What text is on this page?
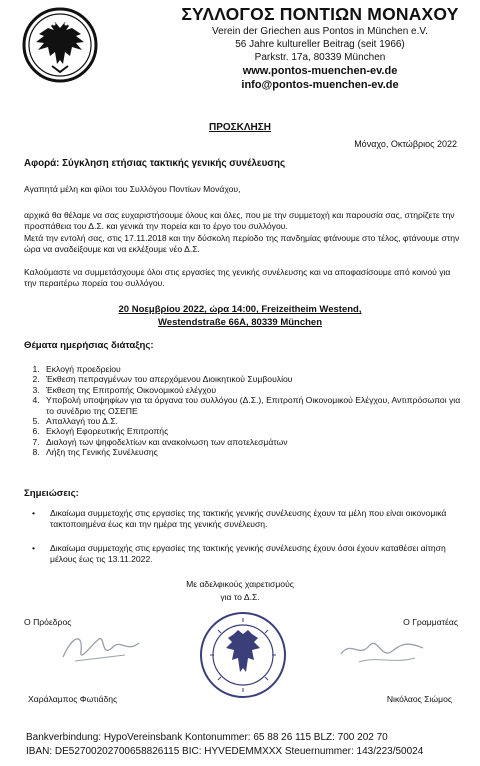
ΣΥΛΛΟΓΟΣ ΠΟΝΤΙΩΝ ΜΟΝΑΧΟΥ
Verein der Griechen aus Pontos in München e.V.
56 Jahre kultureller Beitrag (seit 1966)
Parkstr. 17a, 80339 München
www.pontos-muenchen-ev.de
info@pontos-muenchen-ev.de
ΠΡΟΣΚΛΗΣΗ
Μόναχο, Οκτώβριος 2022
Αφορά: Σύγκληση ετήσιας τακτικής γενικής συνέλευσης
Αγαπητά μέλη και φίλοι του Συλλόγου Ποντίων Μονάχου,
αρχικά θα θέλαμε να σας ευχαριστήσουμε όλους και όλες, που με την συμμετοχή και παρουσία σας, στηρίζετε την προσπάθεια του Δ.Σ. και γενικά την πορεία και το έργο του συλλόγου.
Μετά την εντολή σας, στις 17.11.2018 και την δύσκολη περίοδο της πανδημίας φτάνουμε στο τέλος, φτάνουμε στην ώρα να αναδείξουμε και να εκλέξουμε νέο Δ.Σ.
Καλούμαστε να συμμετάσχουμε όλοι στις εργασίες της γενικής συνέλευσης και να αποφασίσουμε από κοινού για την περαιτέρω πορεία του συλλόγου.
20 Νοεμβρίου 2022, ώρα 14:00, Freizeitheim Westend,
Westendstraße 66A, 80339 München
Θέματα ημερήσιας διάταξης:
1. Εκλογή προεδρείου
2. Έκθεση πεπραγμένων του απερχόμενου Διοικητικού Συμβουλίου
3. Έκθεση της Επιτροπής Οικονομικού ελέγχου
4. Υποβολή υποψηφίων για τα όργανα του συλλόγου (Δ.Σ.), Επιτροπή Οικονομικού Ελέγχου, Αντιπρόσωποι για το συνέδριο της ΟΣΕΠΕ
5. Απαλλαγή του Δ.Σ.
6. Εκλογή Εφορευτικής Επιτροπής
7. Διαλογή των ψηφοδελτίων και ανακοίνωση των αποτελεσμάτων
8. Λήξη της Γενικής Συνέλευσης
Σημειώσεις:
• Δικαίωμα συμμετοχής στις εργασίες της τακτικής γενικής συνέλευσης έχουν τα μέλη που είναι οικονομικά τακτοποιημένα έως και την ημέρα της γενικής συνέλευση.
• Δικαίωμα συμμετοχής στις εργασίες της τακτικής γενικής συνέλευσης έχουν όσοι έχουν καταθέσει αίτηση μέλους έως τις 13.11.2022.
Με αδελφικούς χαιρετισμούς
για το Δ.Σ.
Ο Πρόεδρος	Ο Γραμματέας
Χαράλαμπος Φωτιάδης	Νικόλαος Σιώμος
Bankverbindung: HypoVereinsbank Kontonummer: 65 88 26 115 BLZ: 700 202 70
IBAN: DE52700202700658826115 BIC: HYVEDEMMXXX Steuernummer: 143/223/50024
